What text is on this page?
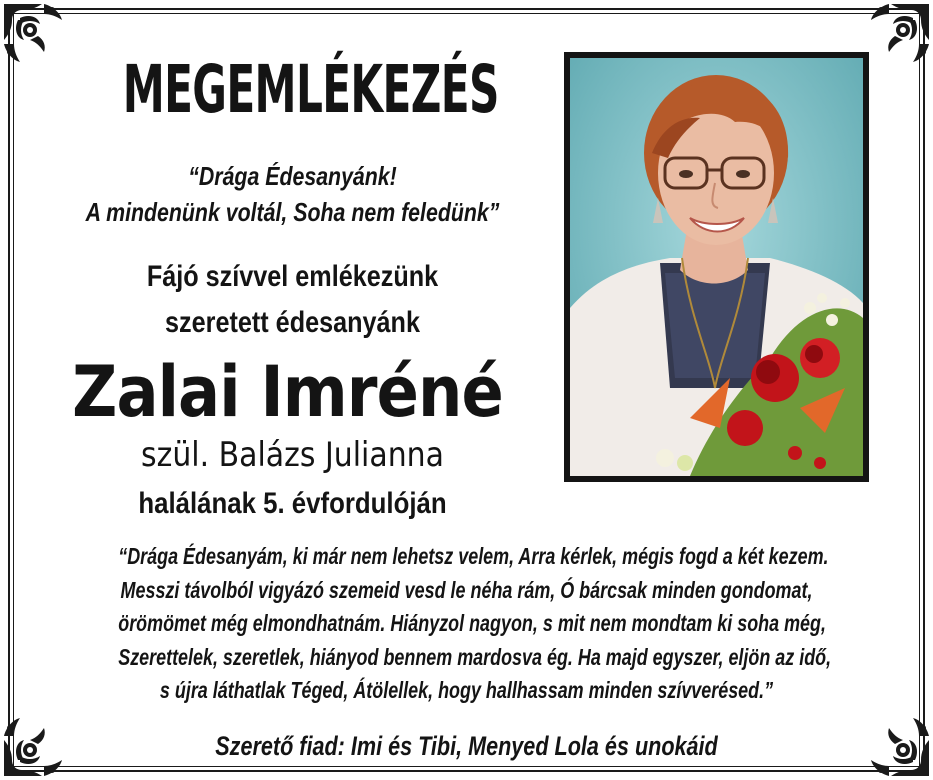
MEGEMLÉKEZÉS
“Drága Édesanyánk!
A mindenünk voltál, Soha nem feledünk”
Fájó szívvel emlékezünk
szeretett édesanyánk
Zalai Imréné
szül. Balázs Julianna
halálának 5. évfordulóján
“Drága Édesanyám, ki már nem lehetsz velem, Arra kérlek, mégis fogd a két kezem.
Messzi távolból vigyázó szemeid vesd le néha rám, Ó bárcsak minden gondomat,
örömömet még elmondhatnám. Hiányzol nagyon, s mit nem mondtam ki soha még,
Szerettelek, szeretlek, hiányod bennem mardosva ég. Ha majd egyszer, eljön az idő,
s újra láthatlak Téged, Átölellek, hogy hallhassam minden szívverésed.”
Szerető fiad: Imi és Tibi, Menyed Lola és unokáid
